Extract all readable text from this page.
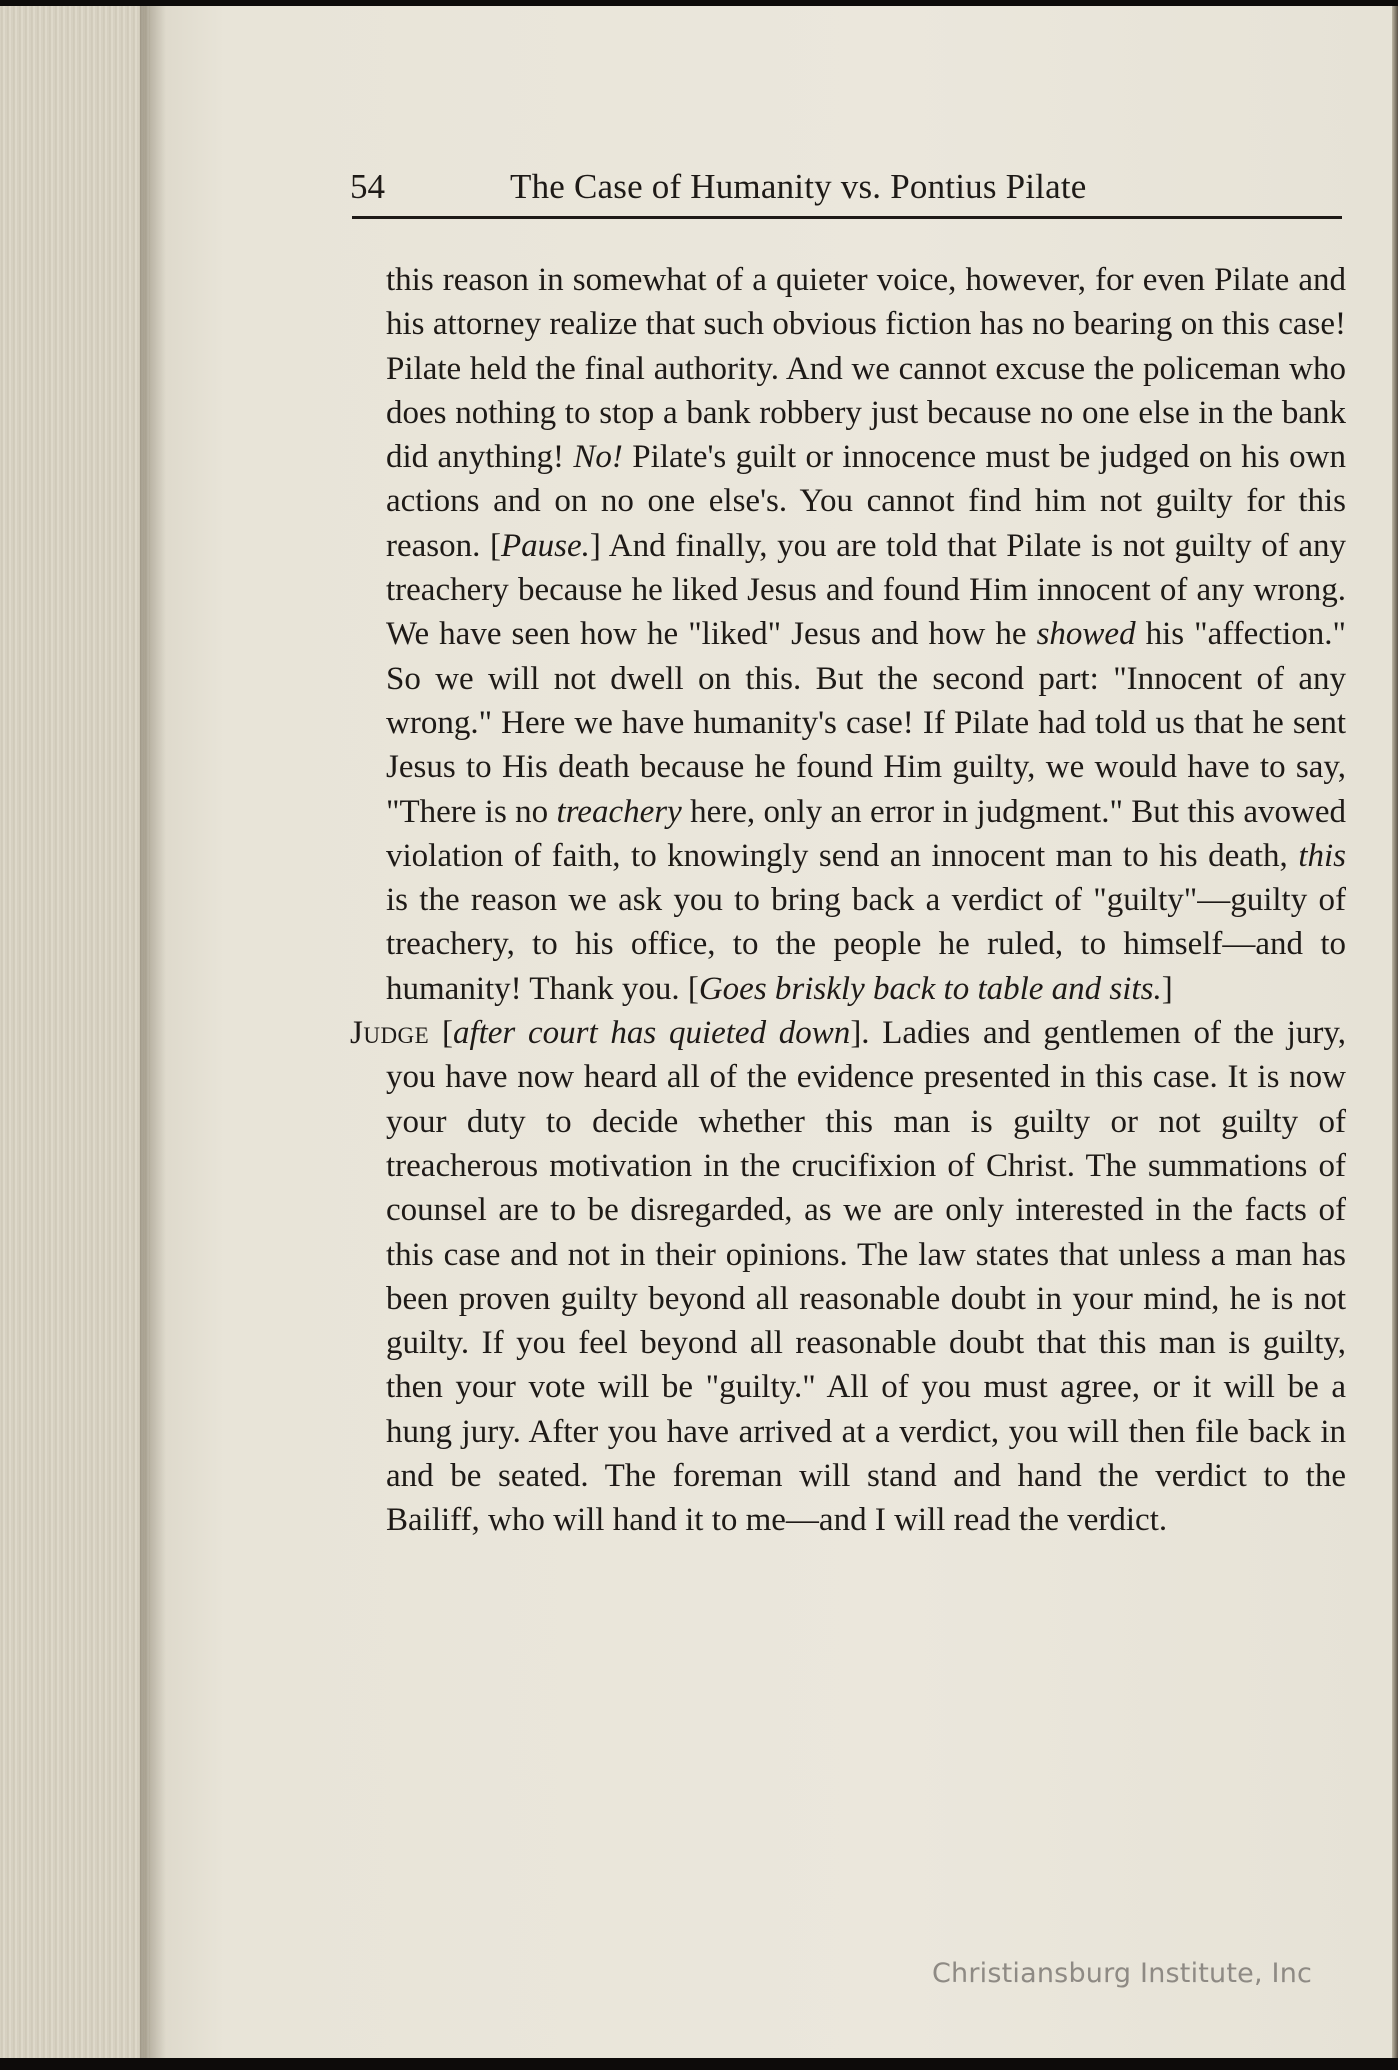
54	The Case of Humanity vs. Pontius Pilate

this reason in somewhat of a quieter voice, however, for even Pilate and his attorney realize that such obvious fiction has no bearing on this case! Pilate held the final authority. And we cannot excuse the policeman who does nothing to stop a bank robbery just because no one else in the bank did anything! No! Pilate's guilt or innocence must be judged on his own actions and on no one else's. You cannot find him not guilty for this reason. [Pause.] And finally, you are told that Pilate is not guilty of any treachery because he liked Jesus and found Him innocent of any wrong. We have seen how he "liked" Jesus and how he showed his "affection." So we will not dwell on this. But the second part: "Innocent of any wrong." Here we have humanity's case! If Pilate had told us that he sent Jesus to His death because he found Him guilty, we would have to say, "There is no treachery here, only an error in judgment." But this avowed violation of faith, to knowingly send an innocent man to his death, this is the reason we ask you to bring back a verdict of "guilty"—guilty of treachery, to his office, to the people he ruled, to himself—and to humanity! Thank you. [Goes briskly back to table and sits.]

Judge [after court has quieted down]. Ladies and gentlemen of the jury, you have now heard all of the evidence presented in this case. It is now your duty to decide whether this man is guilty or not guilty of treacherous motivation in the crucifixion of Christ. The summations of counsel are to be disregarded, as we are only interested in the facts of this case and not in their opinions. The law states that unless a man has been proven guilty beyond all reasonable doubt in your mind, he is not guilty. If you feel beyond all reasonable doubt that this man is guilty, then your vote will be "guilty." All of you must agree, or it will be a hung jury. After you have arrived at a verdict, you will then file back in and be seated. The foreman will stand and hand the verdict to the Bailiff, who will hand it to me—and I will read the verdict.

Christiansburg Institute, Inc
